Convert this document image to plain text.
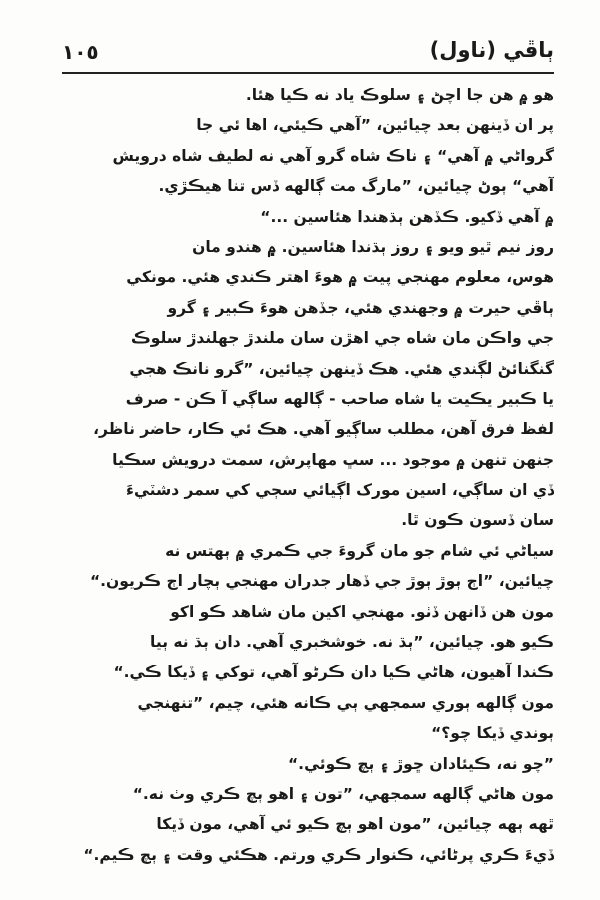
١٠٥	ٻاڦي (ناول)
هو ۾ هن جا اچڻ ۽ سلوڪ ياد نه ڪيا هئا.
پر ان ڏينهن بعد چيائين، ”آهي ڪيئي، اها ئي جا
گرواڻي ۾ آهي“ ۽ ناڪ شاه گرو آهي نه لطيف شاه درويش
آهي“ ٻوڻ چيائين، ”مارگ مت ڳالهه ڏس تنا هيڪڙي.
۾ آهي ڏکيو. ڪڏهن ٻڌهندا هئاسين ...“
روز نيم ٿيو ويو ۽ روز ٻڌندا هئاسين. ۾ هندو مان
هوس، معلوم مهنجي پيت ۾ هوءَ اهتر ڪندي هئي. مونکي
ٻاڦي حيرت ۾ وجهندي هئي، جڏهن هوءَ ڪبير ۽ گرو
جي واڪن مان شاه جي اهڙن سان ملندڙ جهلندڙ سلوڪ
گنگنائڻ لڳندي هئي. هڪ ڏينهن چيائين، ”گرو نانڪ هجي
يا ڪبير يڪيت يا شاه صاحب - ڳالهه ساڳي آ ڪن - صرف
لفظ فرق آهن، مطلب ساڳيو آهي. هڪ ئي ڪار، حاضر ناظر،
جنهن تنهن ۾ موجود ... سڀ مهاپرش، سمت درويش سڪيا
ڏي ان ساڳي، اسين مورک اڳيائي سڄي کي سمر دشٽيءَ
سان ڏسون ڪون ٿا.
سياڻي ئي شام جو مان گروءَ جي ڪمري ۾ ٻهتس نه
چيائين، ”اڄ ٻوڙ ٻوڙ جي ڏهار جدران مهنجي ٻچار اڄ ڪريون.“
مون هن ڏانهن ڏٺو. مهنجي اکين مان شاهد ڪو اکو
ڪيو هو. چيائين، ”ٻڌ نه. خوشخبري آهي. دان ٻڌ نه ٻيا
ڪندا آهيون، هاڻي ڪيا دان ڪرڻو آهي، توکي ۽ ڏيکا ڪي.“
مون ڳالهه ٻوري سمجهي ٻي ڪانه هئي، چيم، ”تنهنجي
ٻوندي ڏيکا چو؟“
”چو نه، ڪيئادان ڇوڙ ۽ ٻچ ڪوئي.“
مون هاڻي ڳالهه سمجهي، ”تون ۽ اهو ٻچ ڪري وٺ نه.“
ٿهه ٻهه چيائين، ”مون اهو ٻچ ڪيو ئي آهي، مون ڏيکا
ڏيءَ ڪري پرڻائي، ڪنوار ڪري ورتم. هڪئي وقت ۽ ٻچ ڪيم.“
